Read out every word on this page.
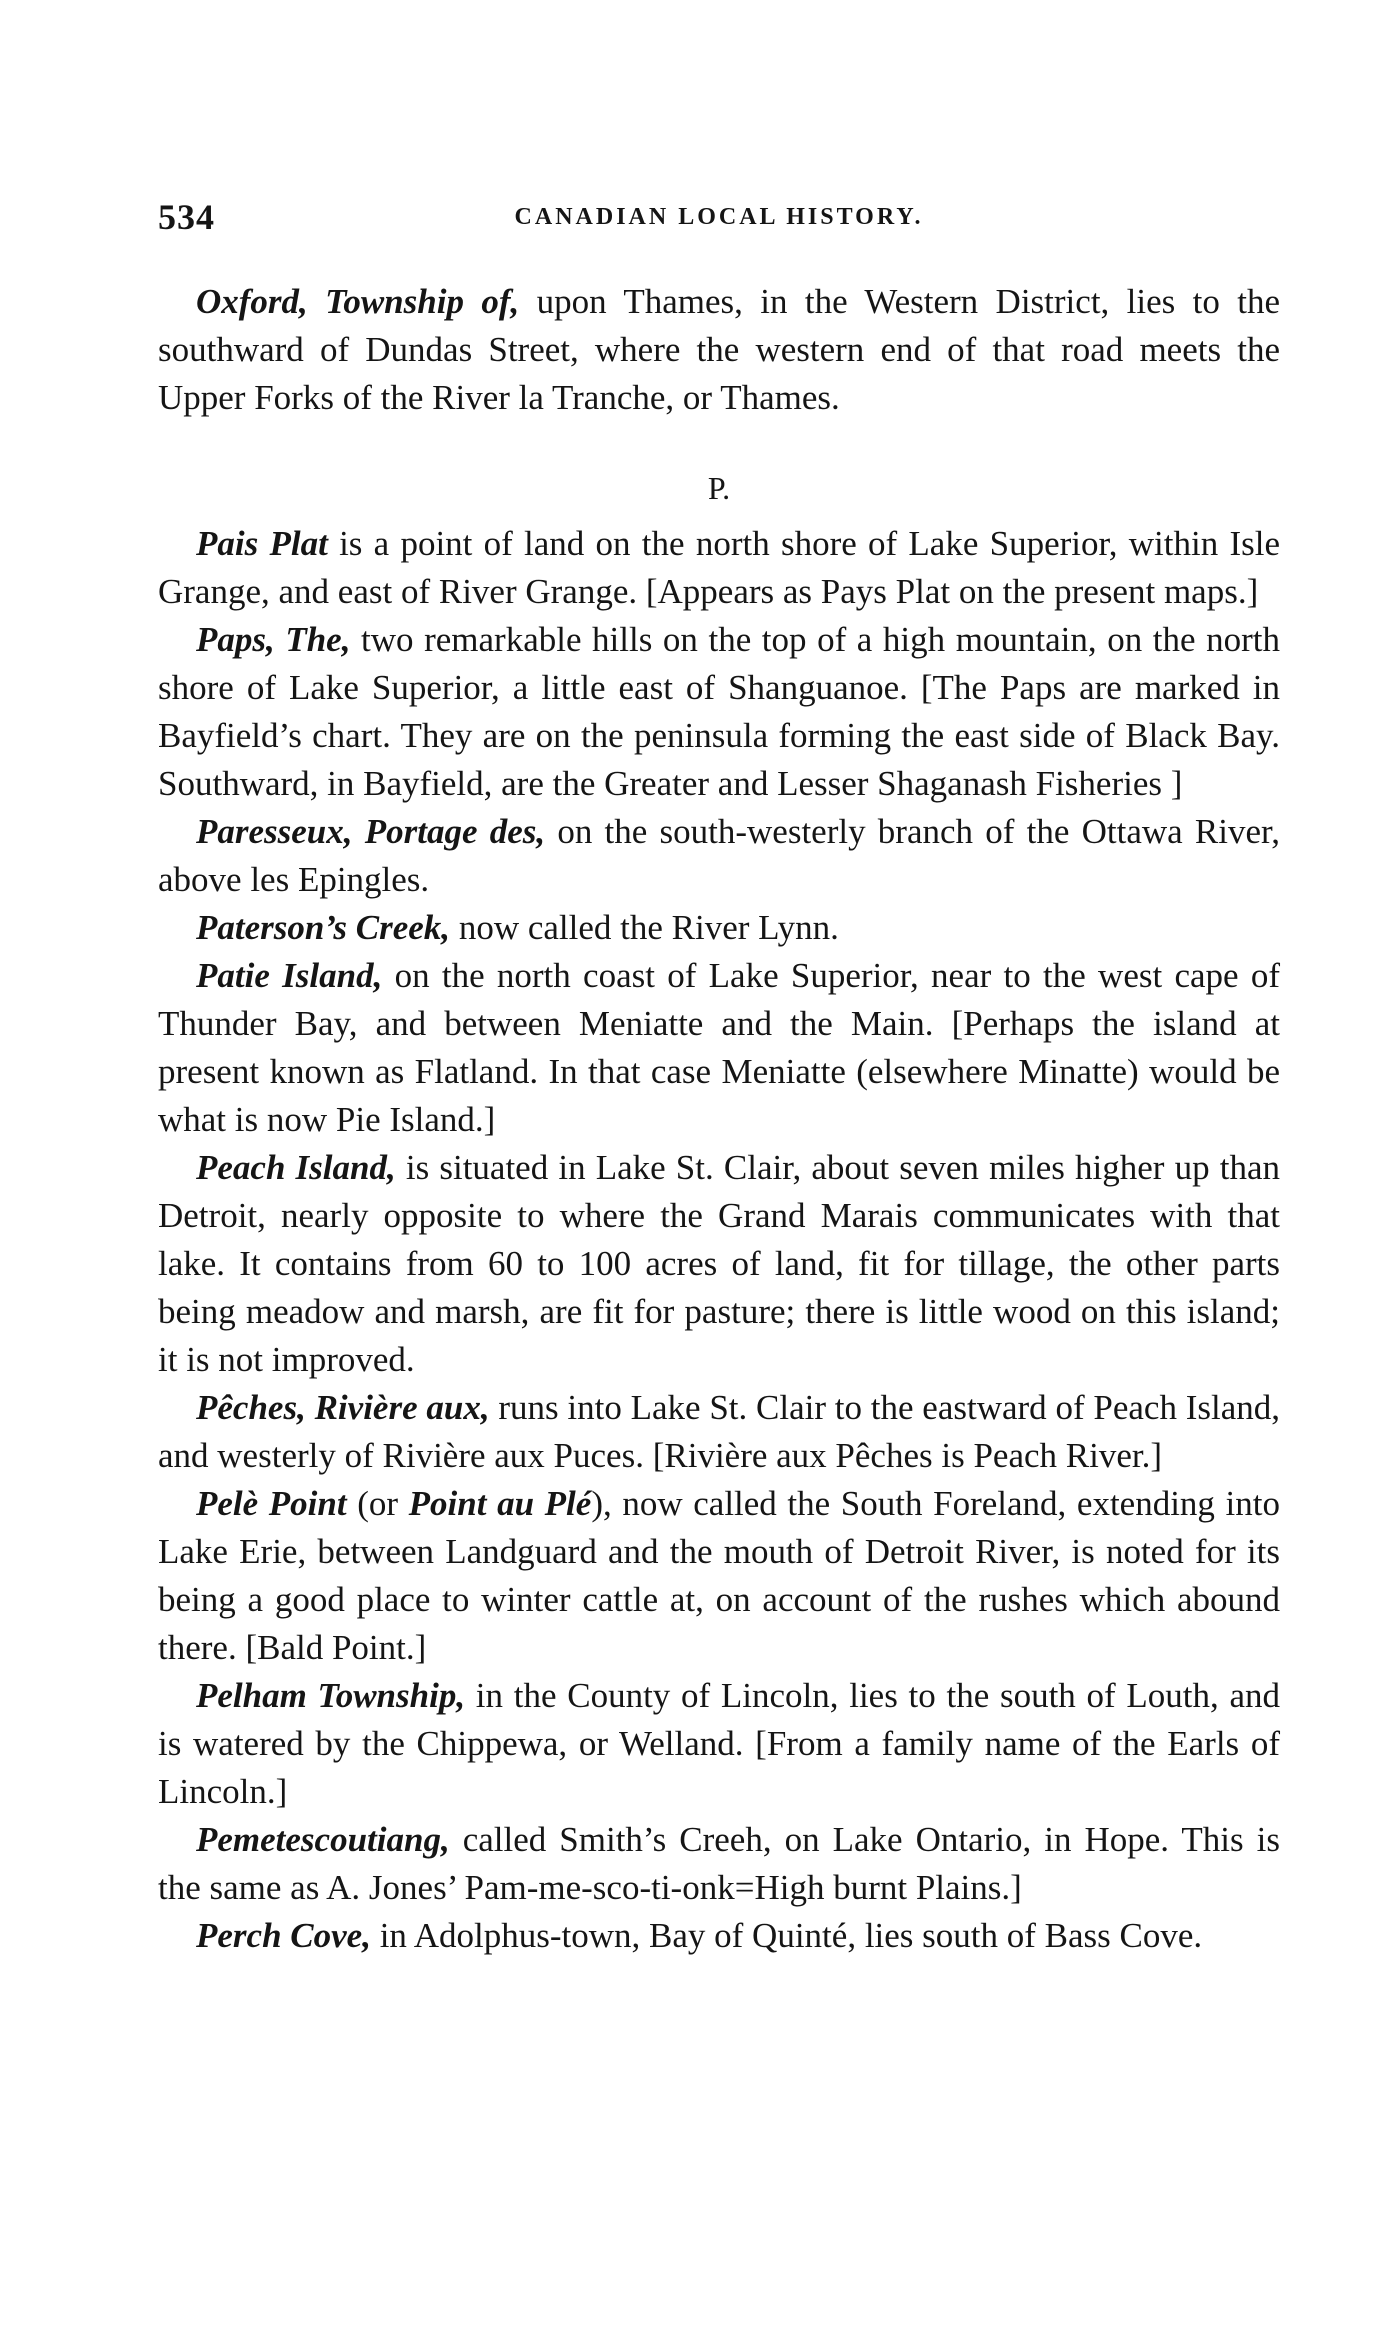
534	CANADIAN LOCAL HISTORY.

Oxford, Township of, upon Thames, in the Western District, lies to the southward of Dundas Street, where the western end of that road meets the Upper Forks of the River la Tranche, or Thames.

P.

Pais Plat is a point of land on the north shore of Lake Superior, within Isle Grange, and east of River Grange. [Appears as Pays Plat on the present maps.]

Paps, The, two remarkable hills on the top of a high mountain, on the north shore of Lake Superior, a little east of Shanguanoe. [The Paps are marked in Bayfield’s chart. They are on the peninsula forming the east side of Black Bay. Southward, in Bayfield, are the Greater and Lesser Shaganash Fisheries ]

Paresseux, Portage des, on the south-westerly branch of the Ottawa River, above les Epingles.

Paterson’s Creek, now called the River Lynn.

Patie Island, on the north coast of Lake Superior, near to the west cape of Thunder Bay, and between Meniatte and the Main. [Perhaps the island at present known as Flatland. In that case Meniatte (elsewhere Minatte) would be what is now Pie Island.]

Peach Island, is situated in Lake St. Clair, about seven miles higher up than Detroit, nearly opposite to where the Grand Marais communicates with that lake. It contains from 60 to 100 acres of land, fit for tillage, the other parts being meadow and marsh, are fit for pasture; there is little wood on this island; it is not improved.

Pêches, Rivière aux, runs into Lake St. Clair to the eastward of Peach Island, and westerly of Rivière aux Puces. [Rivière aux Pêches is Peach River.]

Pelè Point (or Point au Plé), now called the South Foreland, extending into Lake Erie, between Landguard and the mouth of Detroit River, is noted for its being a good place to winter cattle at, on account of the rushes which abound there. [Bald Point.]

Pelham Township, in the County of Lincoln, lies to the south of Louth, and is watered by the Chippewa, or Welland. [From a family name of the Earls of Lincoln.]

Pemetescoutiang, called Smith’s Creeh, on Lake Ontario, in Hope. This is the same as A. Jones’ Pam-me-sco-ti-onk=High burnt Plains.]

Perch Cove, in Adolphus-town, Bay of Quinté, lies south of Bass Cove.
